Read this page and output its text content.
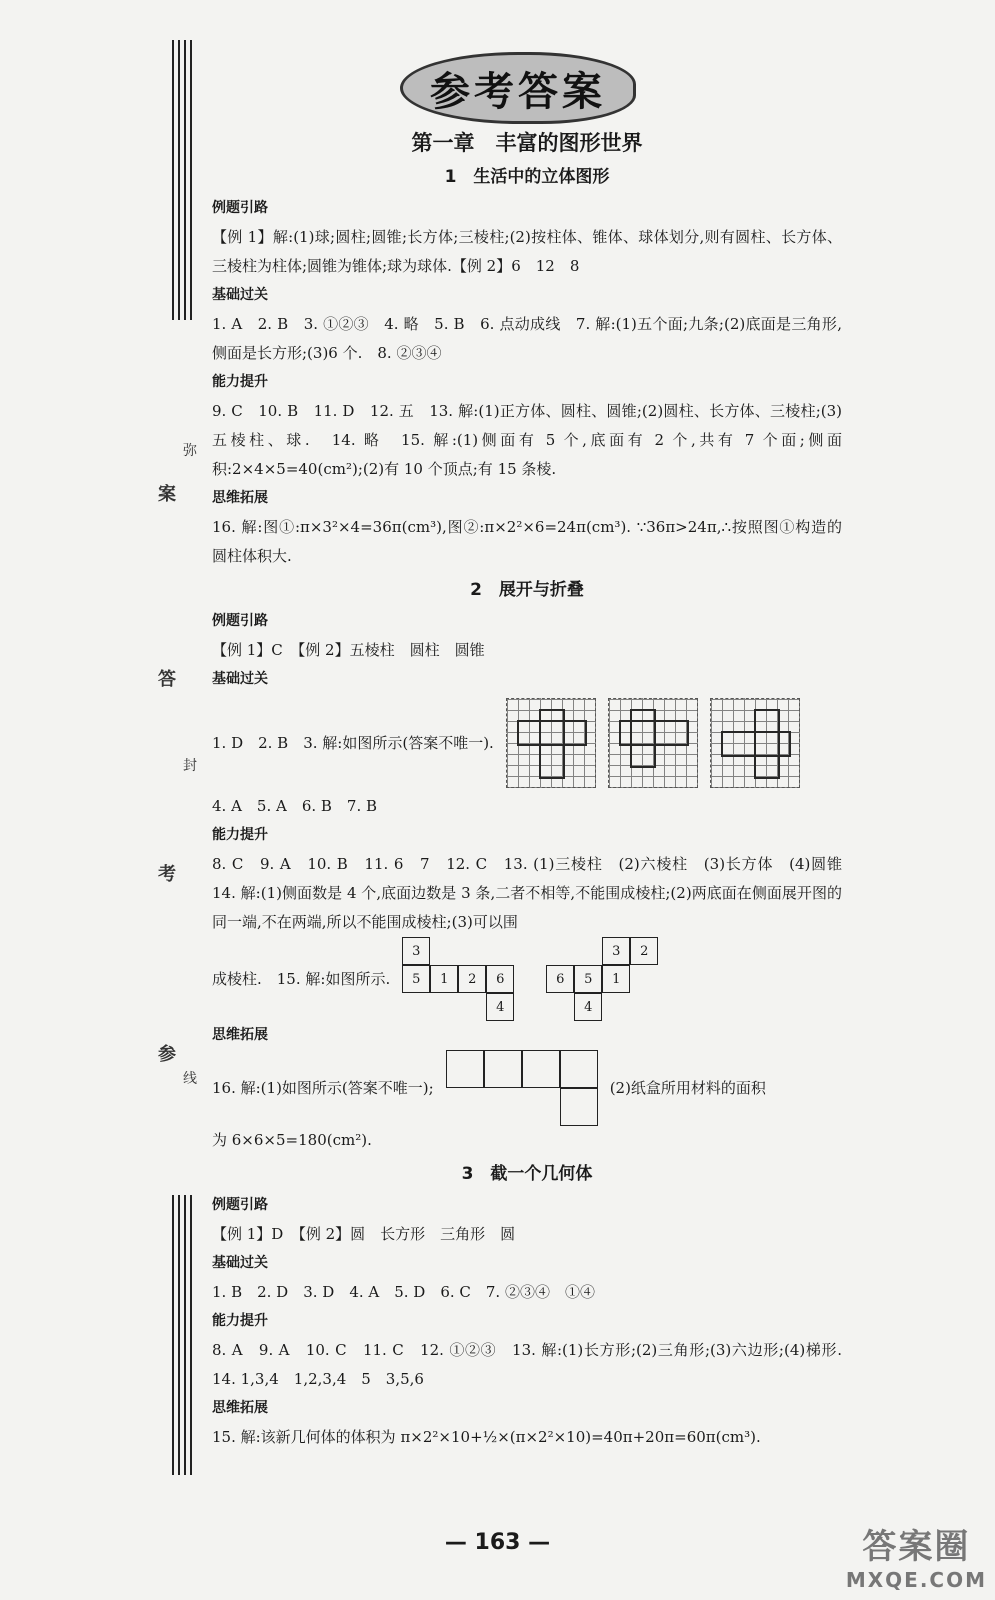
弥
封
线
案
答
考
参
参考答案
第一章　丰富的图形世界
1　生活中的立体图形
例题引路

【例 1】解:(1)球;圆柱;圆锥;长方体;三棱柱;(2)按柱体、锥体、球体划分,则有圆柱、长方体、三棱柱为柱体;圆锥为锥体;球为球体.【例 2】6　12　8

基础过关

1. A　2. B　3. ①②③　4. 略　5. B　6. 点动成线　7. 解:(1)五个面;九条;(2)底面是三角形,侧面是长方形;(3)6 个.　8. ②③④

能力提升

9. C　10. B　11. D　12. 五　13. 解:(1)正方体、圆柱、圆锥;(2)圆柱、长方体、三棱柱;(3)五棱柱、球.　14. 略　15. 解:(1)侧面有 5 个,底面有 2 个,共有 7 个面;侧面积:2×4×5=40(cm²);(2)有 10 个顶点;有 15 条棱.

思维拓展

16. 解:图①:π×3²×4=36π(cm³),图②:π×2²×6=24π(cm³). ∵36π>24π,∴按照图①构造的圆柱体积大.

2　展开与折叠
例题引路

【例 1】C　【例 2】五棱柱　圆柱　圆锥

基础过关

1. D　2. B　3. 解:如图所示(答案不唯一).

4. A　5. A　6. B　7. B

能力提升

8. C　9. A　10. B　11. 6　7　12. C　13. (1)三棱柱　(2)六棱柱　(3)长方体　(4)圆锥　14. 解:(1)侧面数是 4 个,底面边数是 3 条,二者不相等,不能围成棱柱;(2)两底面在侧面展开图的同一端,不在两端,所以不能围成棱柱;(3)可以围

成棱柱.　15. 解:如图所示.

3
5	1	2	6
4
3	2
6	5	1
4
思维拓展

16. 解:(1)如图所示(答案不唯一);	(2)纸盒所用材料的面积

为 6×6×5=180(cm²).

3　截一个几何体
例题引路

【例 1】D　【例 2】圆　长方形　三角形　圆

基础过关

1. B　2. D　3. D　4. A　5. D　6. C　7. ②③④　①④

能力提升

8. A　9. A　10. C　11. C　12. ①②③　13. 解:(1)长方形;(2)三角形;(3)六边形;(4)梯形.　14. 1,3,4　1,2,3,4　5　3,5,6

思维拓展

15. 解:该新几何体的体积为 π×2²×10+½×(π×2²×10)=40π+20π=60π(cm³).

— 163 —	答案圈
MXQE.COM
